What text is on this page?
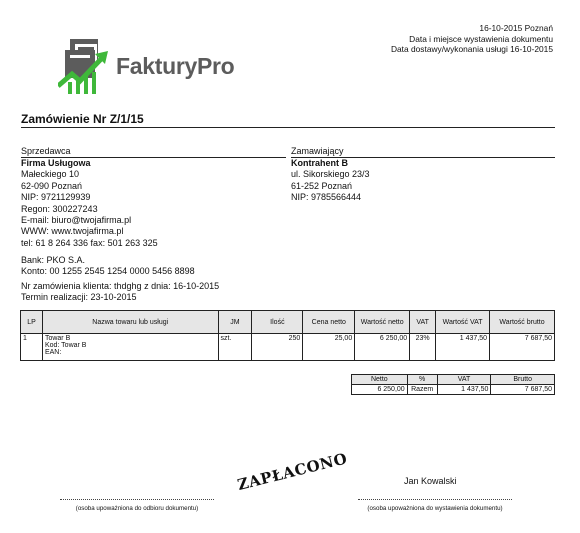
16-10-2015 Poznań
Data i miejsce wystawienia dokumentu
Data dostawy/wykonania usługi 16-10-2015
FakturyPro
Zamówienie Nr Z/1/15
Sprzedawca
Firma Usługowa
Małeckiego 10
62-090 Poznań
NIP: 9721129939
Regon: 300227243
E-mail: biuro@twojafirma.pl
WWW: www.twojafirma.pl
tel: 61 8 264 336 fax: 501 263 325
Zamawiający
Kontrahent B
ul. Sikorskiego 23/3
61-252 Poznań
NIP: 9785566444
Bank: PKO S.A.
Konto: 00 1255 2545 1254 0000 5456 8898
Nr zamówienia klienta: thdghg z dnia: 16-10-2015
Termin realizacji: 23-10-2015
LP	Nazwa towaru lub usługi	JM	Ilość	Cena netto	Wartość netto	VAT	Wartość VAT	Wartość brutto
1	Towar B
Kod: Towar B
EAN:	szt.	250	25,00	6 250,00	23%	1 437,50	7 687,50
Netto	%	VAT	Brutto
6 250,00	Razem	1 437,50	7 687,50
(osoba upoważniona do odbioru dokumentu)
Jan Kowalski
(osoba upoważniona do wystawienia dokumentu)
ZAPŁACONO
